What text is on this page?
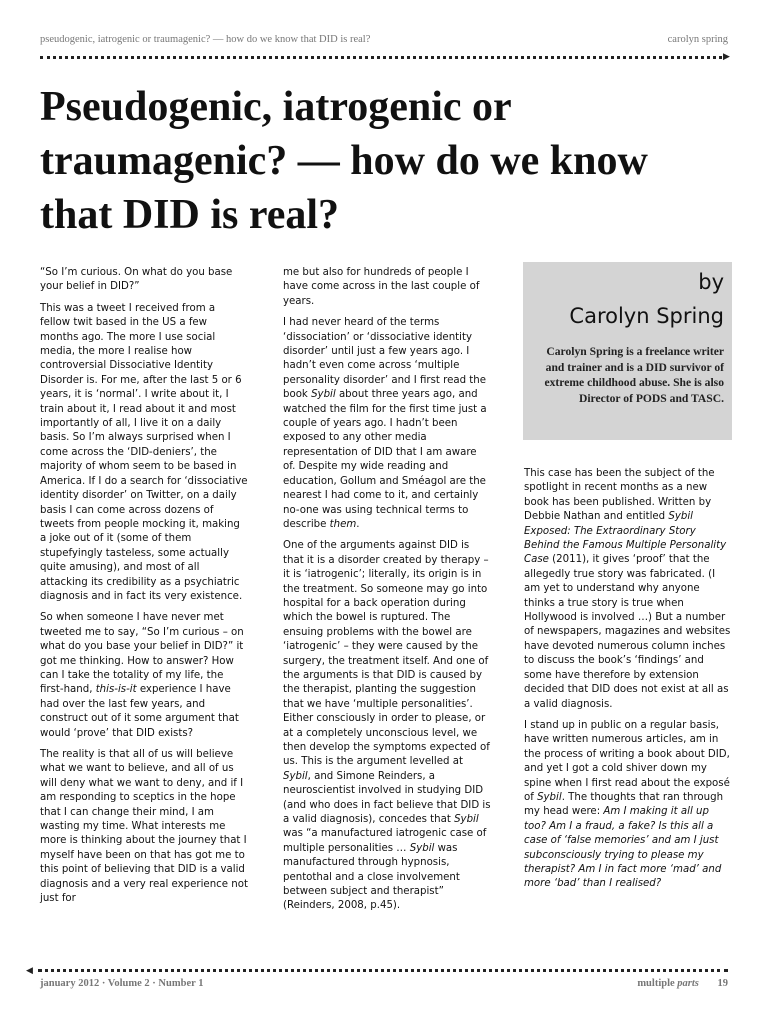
pseudogenic, iatrogenic or traumagenic? — how do we know that DID is real?	carolyn spring
▶
Pseudogenic, iatrogenic or traumagenic? — how do we know that DID is real?

“So I’m curious. On what do you base your belief in DID?”

This was a tweet I received from a fellow twit based in the US a few months ago. The more I use social media, the more I realise how controversial Dissociative Identity Disorder is. For me, after the last 5 or 6 years, it is ‘normal’. I write about it, I train about it, I read about it and most importantly of all, I live it on a daily basis. So I’m always surprised when I come across the ‘DID-deniers’, the majority of whom seem to be based in America. If I do a search for ‘dissociative identity disorder’ on Twitter, on a daily basis I can come across dozens of tweets from people mocking it, making a joke out of it (some of them stupefyingly tasteless, some actually quite amusing), and most of all attacking its credibility as a psychiatric diagnosis and in fact its very existence.

So when someone I have never met tweeted me to say, “So I’m curious – on what do you base your belief in DID?” it got me thinking. How to answer? How can I take the totality of my life, the first-hand, this-is-it experience I have had over the last few years, and construct out of it some argument that would ‘prove’ that DID exists?

The reality is that all of us will believe what we want to believe, and all of us will deny what we want to deny, and if I am responding to sceptics in the hope that I can change their mind, I am wasting my time. What interests me more is thinking about the journey that I myself have been on that has got me to this point of believing that DID is a valid diagnosis and a very real experience not just for

me but also for hundreds of people I have come across in the last couple of years.

I had never heard of the terms ‘dissociation’ or ‘dissociative identity disorder’ until just a few years ago. I hadn’t even come across ‘multiple personality disorder’ and I first read the book Sybil about three years ago, and watched the film for the first time just a couple of years ago. I hadn’t been exposed to any other media representation of DID that I am aware of. Despite my wide reading and education, Gollum and Sméagol are the nearest I had come to it, and certainly no-one was using technical terms to describe them.

One of the arguments against DID is that it is a disorder created by therapy – it is ‘iatrogenic’; literally, its origin is in the treatment. So someone may go into hospital for a back operation during which the bowel is ruptured. The ensuing problems with the bowel are ‘iatrogenic’ – they were caused by the surgery, the treatment itself. And one of the arguments is that DID is caused by the therapist, planting the suggestion that we have ‘multiple personalities’. Either consciously in order to please, or at a completely unconscious level, we then develop the symptoms expected of us. This is the argument levelled at Sybil, and Simone Reinders, a neuroscientist involved in studying DID (and who does in fact believe that DID is a valid diagnosis), concedes that Sybil was “a manufactured iatrogenic case of multiple personalities … Sybil was manufactured through hypnosis, pentothal and a close involvement between subject and therapist” (Reinders, 2008, p.45).

by
Carolyn Spring
Carolyn Spring is a freelance writer and trainer and is a DID survivor of extreme childhood abuse. She is also Director of PODS and TASC.

This case has been the subject of the spotlight in recent months as a new book has been published. Written by Debbie Nathan and entitled Sybil Exposed: The Extraordinary Story Behind the Famous Multiple Personality Case (2011), it gives ‘proof’ that the allegedly true story was fabricated. (I am yet to understand why anyone thinks a true story is true when Hollywood is involved …) But a number of newspapers, magazines and websites have devoted numerous column inches to discuss the book’s ‘findings’ and some have therefore by extension decided that DID does not exist at all as a valid diagnosis.

I stand up in public on a regular basis, have written numerous articles, am in the process of writing a book about DID, and yet I got a cold shiver down my spine when I first read about the exposé of Sybil. The thoughts that ran through my head were: Am I making it all up too? Am I a fraud, a fake? Is this all a case of ‘false memories’ and am I just subconsciously trying to please my therapist? Am I in fact more ‘mad’ and more ‘bad’ than I realised?

◀
january 2012 · Volume 2 · Number 1	multiple parts 19
